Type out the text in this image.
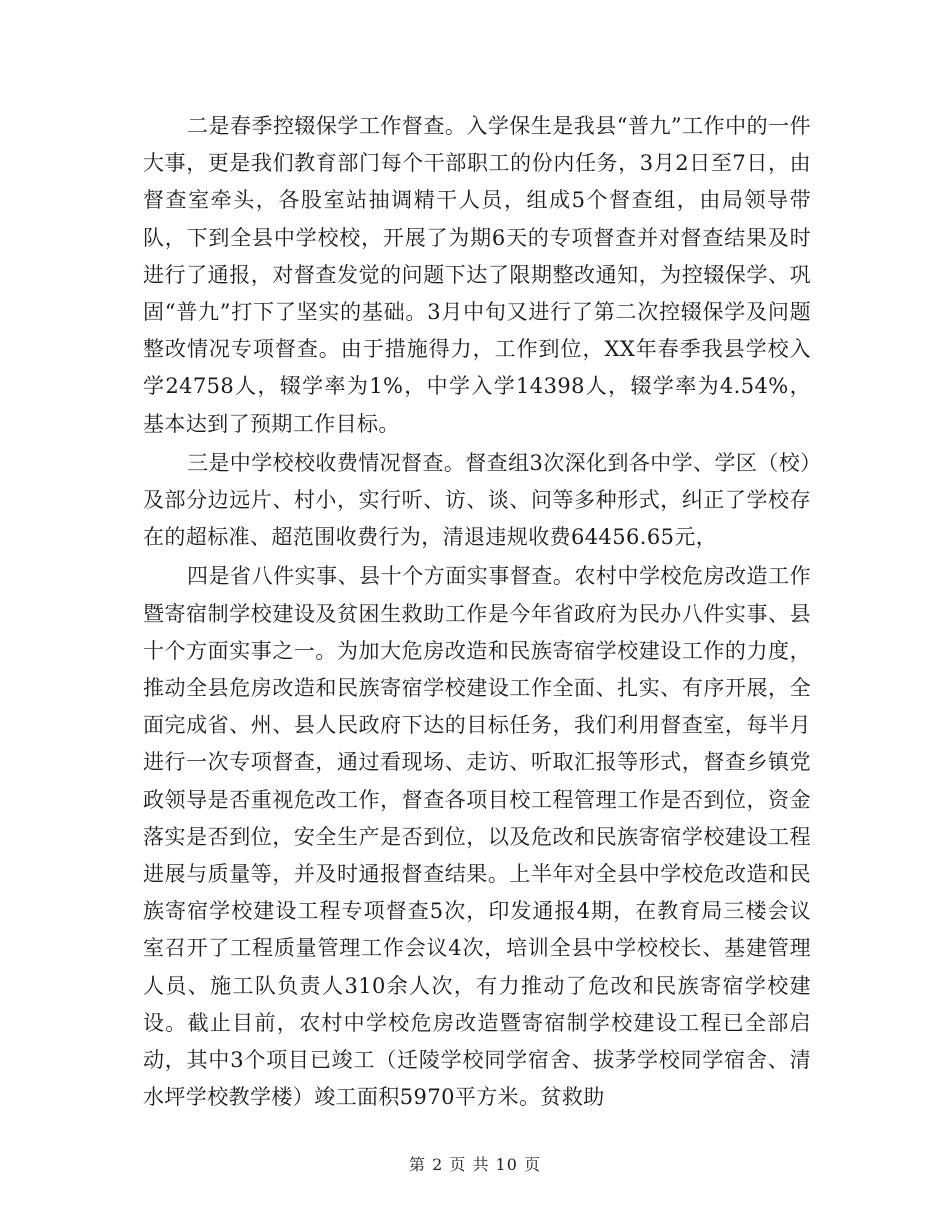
二是春季控辍保学工作督查。入学保生是我县“普九”工作中的一件大事，更是我们教育部门每个干部职工的份内任务，3月2日至7日，由督查室牵头，各股室站抽调精干人员，组成5个督查组，由局领导带队，下到全县中学校校，开展了为期6天的专项督查并对督查结果及时进行了通报，对督查发觉的问题下达了限期整改通知，为控辍保学、巩固“普九”打下了坚实的基础。3月中旬又进行了第二次控辍保学及问题整改情况专项督查。由于措施得力，工作到位，XX年春季我县学校入学24758人，辍学率为1%，中学入学14398人，辍学率为4.54%，基本达到了预期工作目标。

三是中学校校收费情况督查。督查组3次深化到各中学、学区（校）及部分边远片、村小，实行听、访、谈、问等多种形式，纠正了学校存在的超标准、超范围收费行为，清退违规收费64456.65元，

四是省八件实事、县十个方面实事督查。农村中学校危房改造工作暨寄宿制学校建设及贫困生救助工作是今年省政府为民办八件实事、县十个方面实事之一。为加大危房改造和民族寄宿学校建设工作的力度，推动全县危房改造和民族寄宿学校建设工作全面、扎实、有序开展，全面完成省、州、县人民政府下达的目标任务，我们利用督查室，每半月进行一次专项督查，通过看现场、走访、听取汇报等形式，督查乡镇党政领导是否重视危改工作，督查各项目校工程管理工作是否到位，资金落实是否到位，安全生产是否到位，以及危改和民族寄宿学校建设工程进展与质量等，并及时通报督查结果。上半年对全县中学校危改造和民族寄宿学校建设工程专项督查5次，印发通报4期，在教育局三楼会议室召开了工程质量管理工作会议4次，培训全县中学校校长、基建管理人员、施工队负责人310余人次，有力推动了危改和民族寄宿学校建设。截止目前，农村中学校危房改造暨寄宿制学校建设工程已全部启动，其中3个项目已竣工（迁陵学校同学宿舍、拔茅学校同学宿舍、清水坪学校教学楼）竣工面积5970平方米。贫救助

第 2 页 共 10 页
